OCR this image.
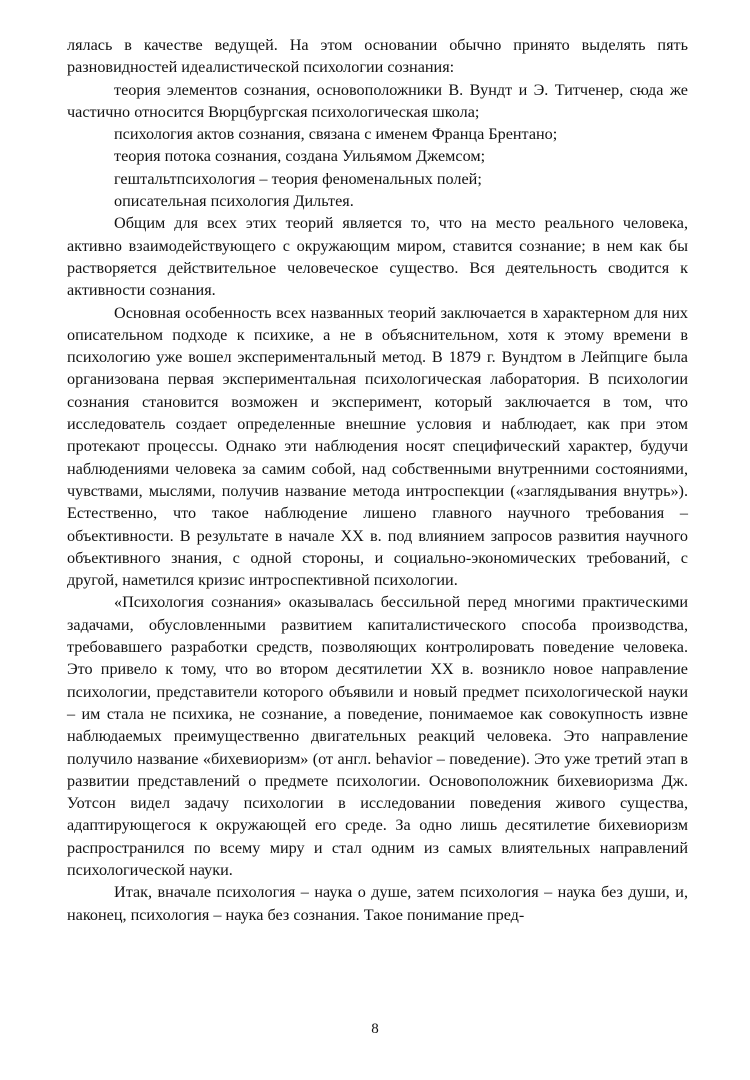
лялась в качестве ведущей. На этом основании обычно принято выделять пять разновидностей идеалистической психологии сознания:

теория элементов сознания, основоположники В. Вундт и Э. Титченер, сюда же частично относится Вюрцбургская психологическая школа;

психология актов сознания, связана с именем Франца Брентано;
теория потока сознания, создана Уильямом Джемсом;
гештальтпсихология – теория феноменальных полей;
описательная психология Дильтея.

Общим для всех этих теорий является то, что на место реального человека, активно взаимодействующего с окружающим миром, ставится сознание; в нем как бы растворяется действительное человеческое существо. Вся деятельность сводится к активности сознания.

Основная особенность всех названных теорий заключается в характерном для них описательном подходе к психике, а не в объяснительном, хотя к этому времени в психологию уже вошел экспериментальный метод. В 1879 г. Вундтом в Лейпциге была организована первая экспериментальная психологическая лаборатория. В психологии сознания становится возможен и эксперимент, который заключается в том, что исследователь создает определенные внешние условия и наблюдает, как при этом протекают процессы. Однако эти наблюдения носят специфический характер, будучи наблюдениями человека за самим собой, над собственными внутренними состояниями, чувствами, мыслями, получив название метода интроспекции («заглядывания внутрь»). Естественно, что такое наблюдение лишено главного научного требования – объективности. В результате в начале XX в. под влиянием запросов развития научного объективного знания, с одной стороны, и социально-экономических требований, с другой, наметился кризис интроспективной психологии.

«Психология сознания» оказывалась бессильной перед многими практическими задачами, обусловленными развитием капиталистического способа производства, требовавшего разработки средств, позволяющих контролировать поведение человека. Это привело к тому, что во втором десятилетии XX в. возникло новое направление психологии, представители которого объявили и новый предмет психологической науки – им стала не психика, не сознание, а поведение, понимаемое как совокупность извне наблюдаемых преимущественно двигательных реакций человека. Это направление получило название «бихевиоризм» (от англ. behavior – поведение). Это уже третий этап в развитии представлений о предмете психологии. Основоположник бихевиоризма Дж. Уотсон видел задачу психологии в исследовании поведения живого существа, адаптирующегося к окружающей его среде. За одно лишь десятилетие бихевиоризм распространился по всему миру и стал одним из самых влиятельных направлений психологической науки.

Итак, вначале психология – наука о душе, затем психология – наука без души, и, наконец, психология – наука без сознания. Такое понимание пред-

8
